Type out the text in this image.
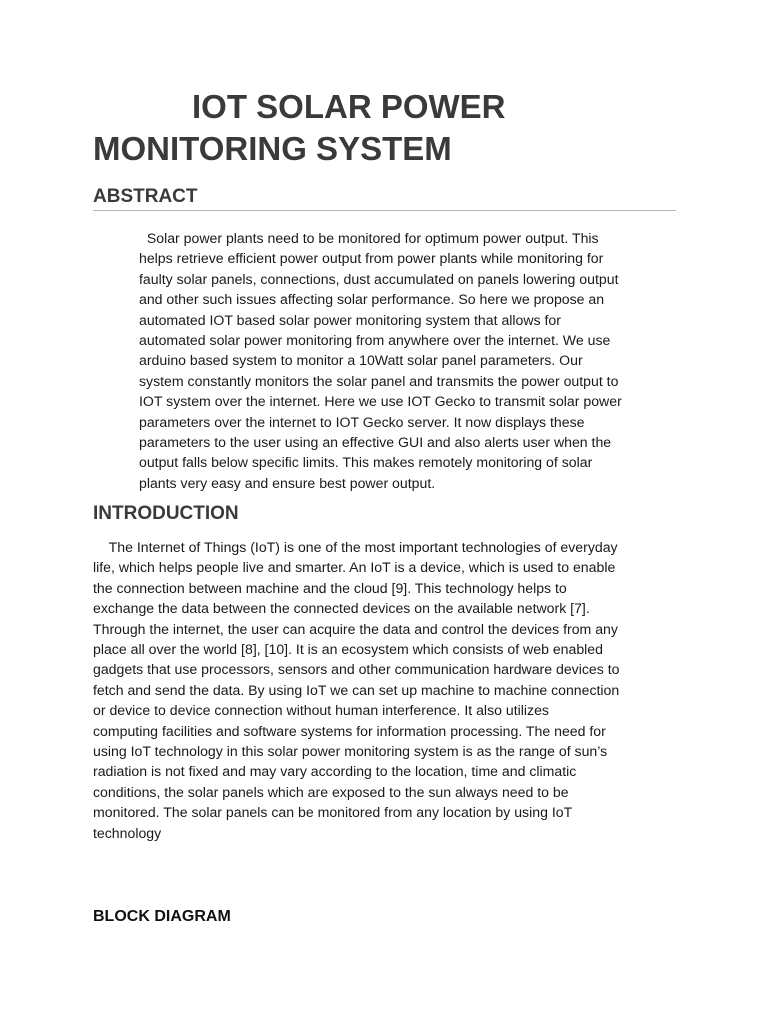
IOT SOLAR POWER
MONITORING SYSTEM
ABSTRACT
Solar power plants need to be monitored for optimum power output. This
helps retrieve efficient power output from power plants while monitoring for
faulty solar panels, connections, dust accumulated on panels lowering output
and other such issues affecting solar performance. So here we propose an
automated IOT based solar power monitoring system that allows for
automated solar power monitoring from anywhere over the internet. We use
arduino based system to monitor a 10Watt solar panel parameters. Our
system constantly monitors the solar panel and transmits the power output to
IOT system over the internet. Here we use IOT Gecko to transmit solar power
parameters over the internet to IOT Gecko server. It now displays these
parameters to the user using an effective GUI and also alerts user when the
output falls below specific limits. This makes remotely monitoring of solar
plants very easy and ensure best power output.
INTRODUCTION
The Internet of Things (IoT) is one of the most important technologies of everyday
life, which helps people live and smarter. An IoT is a device, which is used to enable
the connection between machine and the cloud [9]. This technology helps to
exchange the data between the connected devices on the available network [7].
Through the internet, the user can acquire the data and control the devices from any
place all over the world [8], [10]. It is an ecosystem which consists of web enabled
gadgets that use processors, sensors and other communication hardware devices to
fetch and send the data. By using IoT we can set up machine to machine connection
or device to device connection without human interference. It also utilizes
computing facilities and software systems for information processing. The need for
using IoT technology in this solar power monitoring system is as the range of sun’s
radiation is not fixed and may vary according to the location, time and climatic
conditions, the solar panels which are exposed to the sun always need to be
monitored. The solar panels can be monitored from any location by using IoT
technology
BLOCK DIAGRAM
